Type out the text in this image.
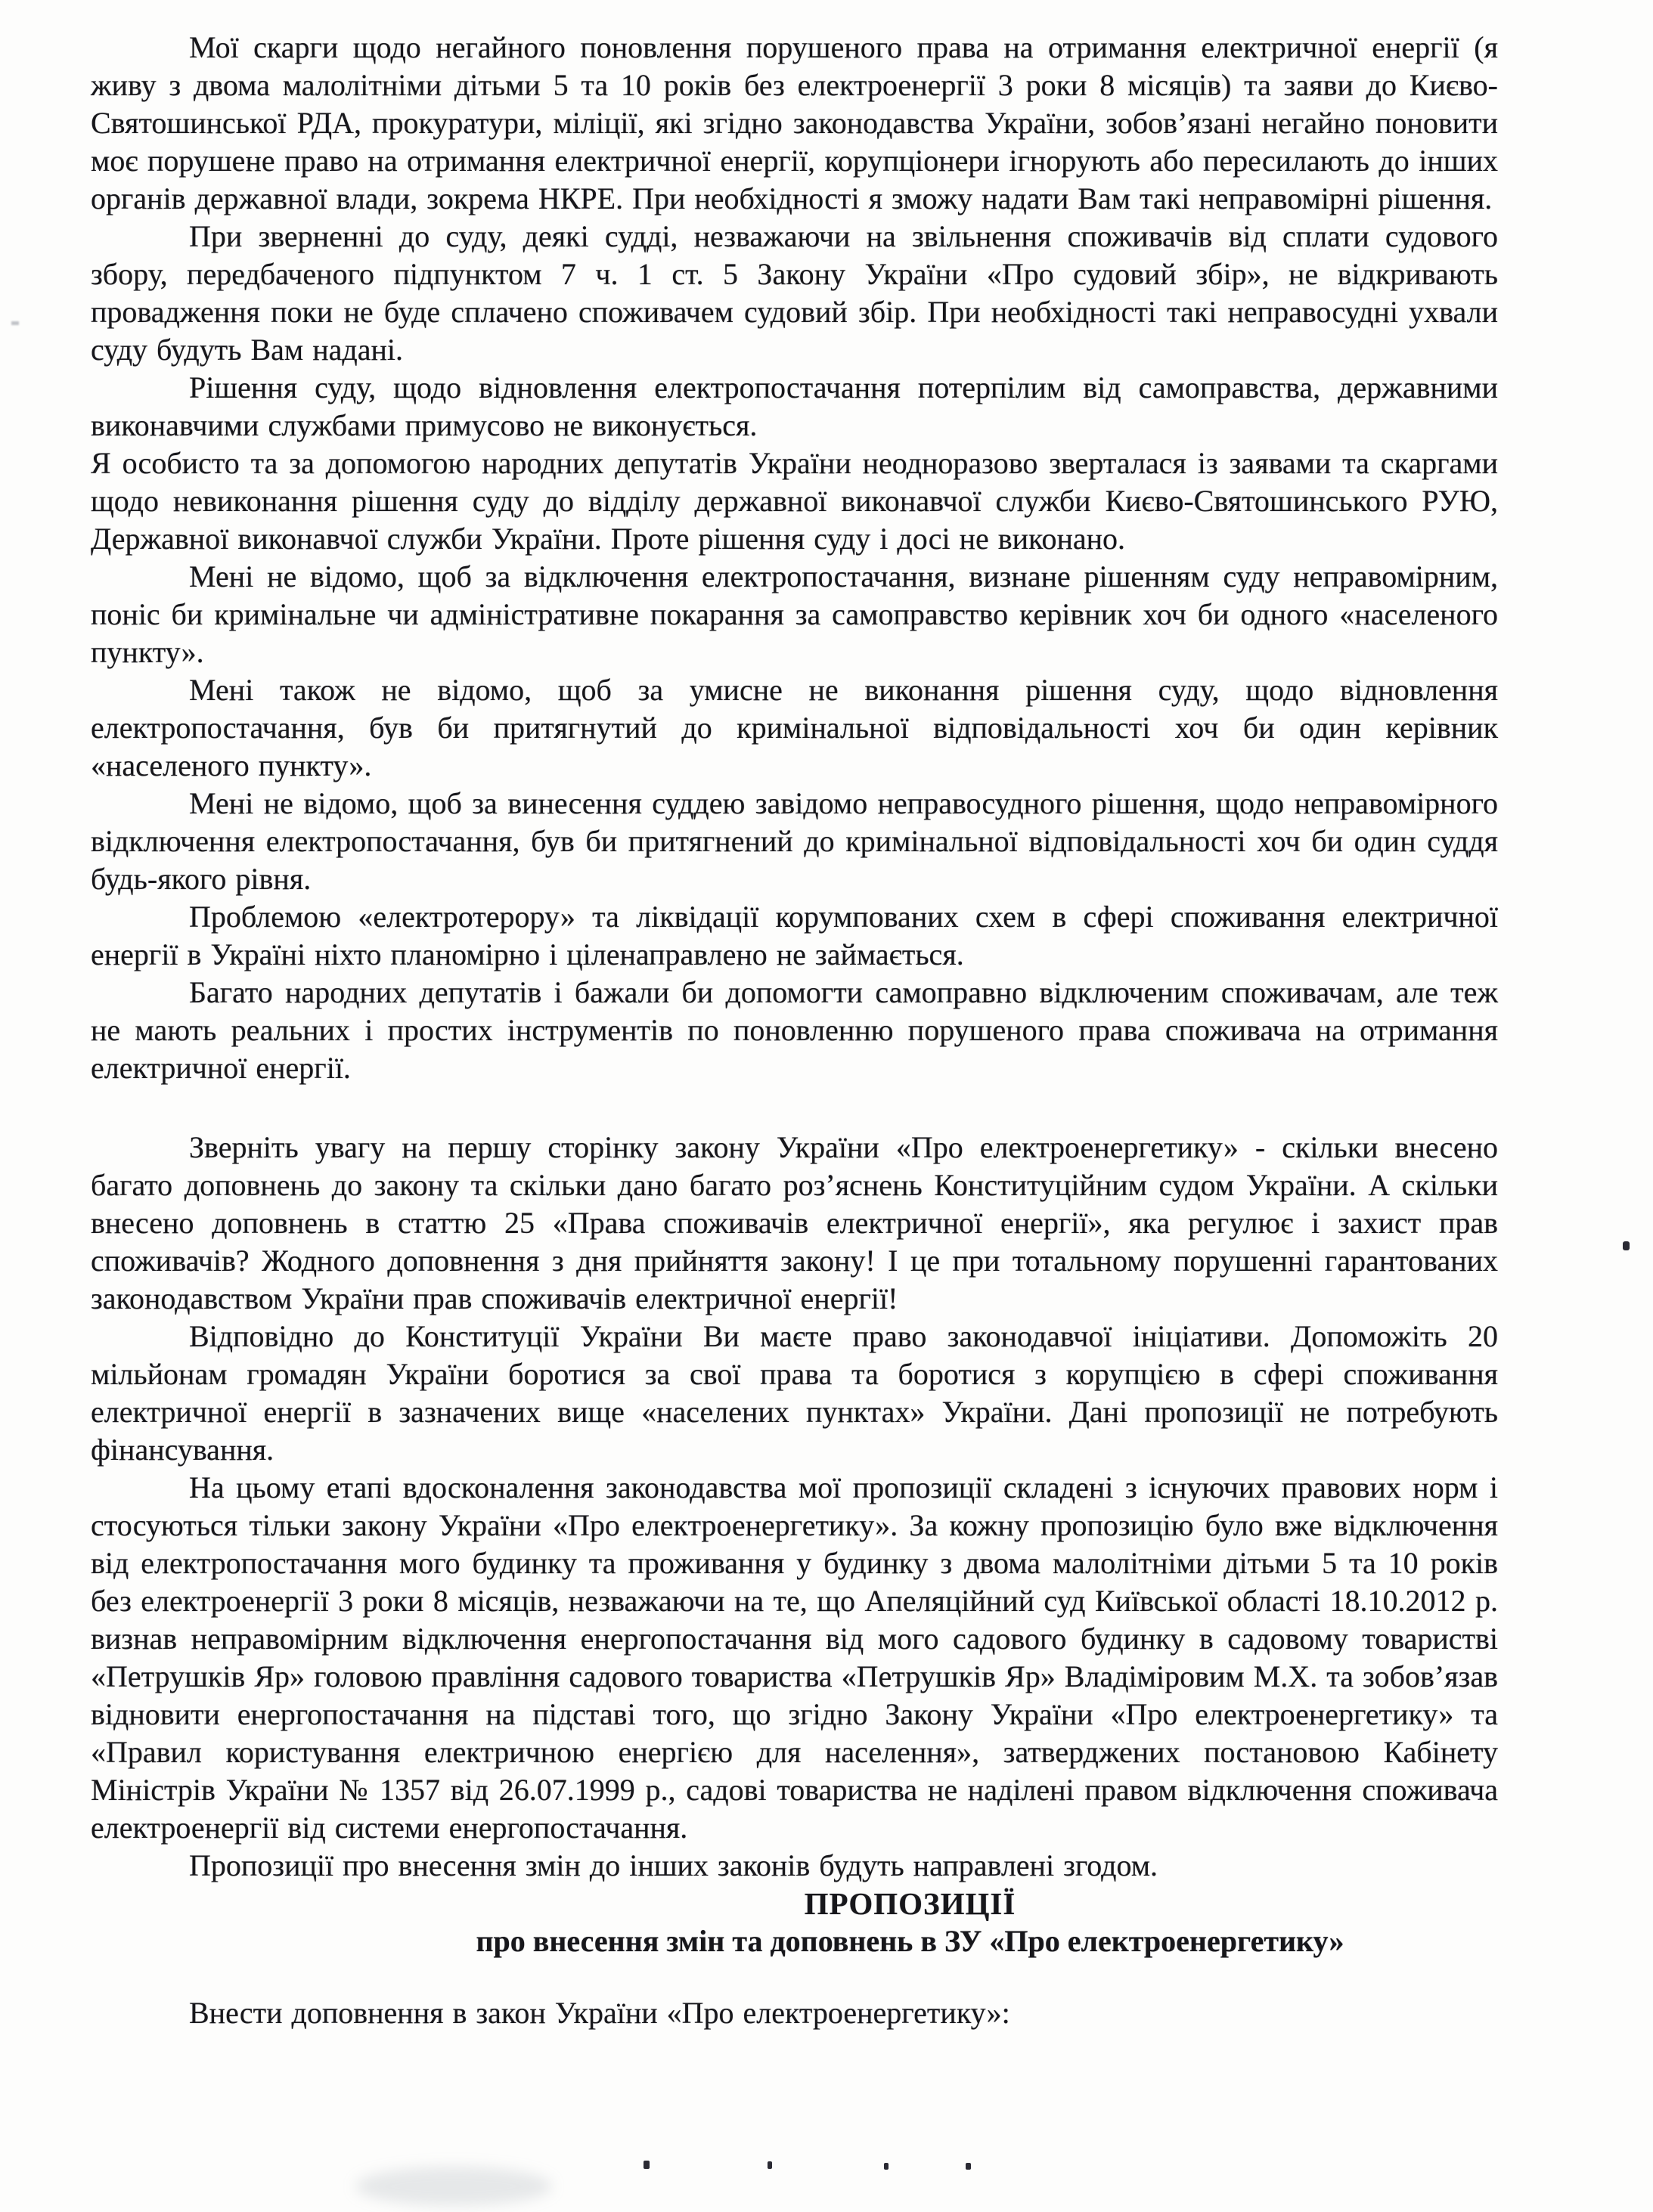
Мої скарги щодо негайного поновлення порушеного права на отримання електричної енергії (я живу з двома малолітніми дітьми 5 та 10 років без електроенергії 3 роки 8 місяців) та заяви до Києво-Святошинської РДА, прокуратури, міліції, які згідно законодавства України, зобов’язані негайно поновити моє порушене право на отримання електричної енергії, корупціонери ігнорують або пересилають до інших органів державної влади, зокрема НКРЕ. При необхідності я зможу надати Вам такі неправомірні рішення.
При зверненні до суду, деякі судді, незважаючи на звільнення споживачів від сплати судового збору, передбаченого підпунктом 7 ч. 1 ст. 5 Закону України «Про судовий збір», не відкривають провадження поки не буде сплачено споживачем судовий збір. При необхідності такі неправосудні ухвали суду будуть Вам надані.
Рішення суду, щодо відновлення електропостачання потерпілим від самоправства, державними виконавчими службами примусово не виконується.
Я особисто та за допомогою народних депутатів України неодноразово зверталася із заявами та скаргами щодо невиконання рішення суду до відділу державної виконавчої служби Києво-Святошинського РУЮ, Державної виконавчої служби України. Проте рішення суду і досі не виконано.
Мені не відомо, щоб за відключення електропостачання, визнане рішенням суду неправомірним, поніс би кримінальне чи адміністративне покарання за самоправство керівник хоч би одного «населеного пункту».
Мені також не відомо, щоб за умисне не виконання рішення суду, щодо відновлення електропостачання, був би притягнутий до кримінальної відповідальності хоч би один керівник «населеного пункту».
Мені не відомо, щоб за винесення суддею завідомо неправосудного рішення, щодо неправомірного відключення електропостачання, був би притягнений до кримінальної відповідальності хоч би один суддя будь-якого рівня.
Проблемою «електротерору» та ліквідації корумпованих схем в сфері споживання електричної енергії в Україні ніхто планомірно і ціленаправлено не займається.
Багато народних депутатів і бажали би допомогти самоправно відключеним споживачам, але теж не мають реальних і простих інструментів по поновленню порушеного права споживача на отримання електричної енергії.
Зверніть увагу на першу сторінку закону України «Про електроенергетику» - скільки внесено багато доповнень до закону та скільки дано багато роз’яснень Конституційним судом України. А скільки внесено доповнень в статтю 25 «Права споживачів електричної енергії», яка регулює і захист прав споживачів? Жодного доповнення з дня прийняття закону! І це при тотальному порушенні гарантованих законодавством України прав споживачів електричної енергії!
Відповідно до Конституції України Ви маєте право законодавчої ініціативи. Допоможіть 20 мільйонам громадян України боротися за свої права та боротися з корупцією в сфері споживання електричної енергії в зазначених вище «населених пунктах» України. Дані пропозиції не потребують фінансування.
На цьому етапі вдосконалення законодавства мої пропозиції складені з існуючих правових норм і стосуються тільки закону України «Про електроенергетику». За кожну пропозицію було вже відключення від електропостачання мого будинку та проживання у будинку з двома малолітніми дітьми 5 та 10 років без електроенергії 3 роки 8 місяців, незважаючи на те, що Апеляційний суд Київської області 18.10.2012 р. визнав неправомірним відключення енергопостачання від мого садового будинку в садовому товаристві «Петрушків Яр» головою правління садового товариства «Петрушків Яр» Владіміровим М.Х. та зобов’язав відновити енергопостачання на підставі того, що згідно Закону України «Про електроенергетику» та «Правил користування електричною енергією для населення», затверджених постановою Кабінету Міністрів України № 1357 від 26.07.1999 р., садові товариства не наділені правом відключення споживача електроенергії від системи енергопостачання.
Пропозиції про внесення змін до інших законів будуть направлені згодом.
ПРОПОЗИЦІЇ
про внесення змін та доповнень в ЗУ «Про електроенергетику»
Внести доповнення в закон України «Про електроенергетику»:
